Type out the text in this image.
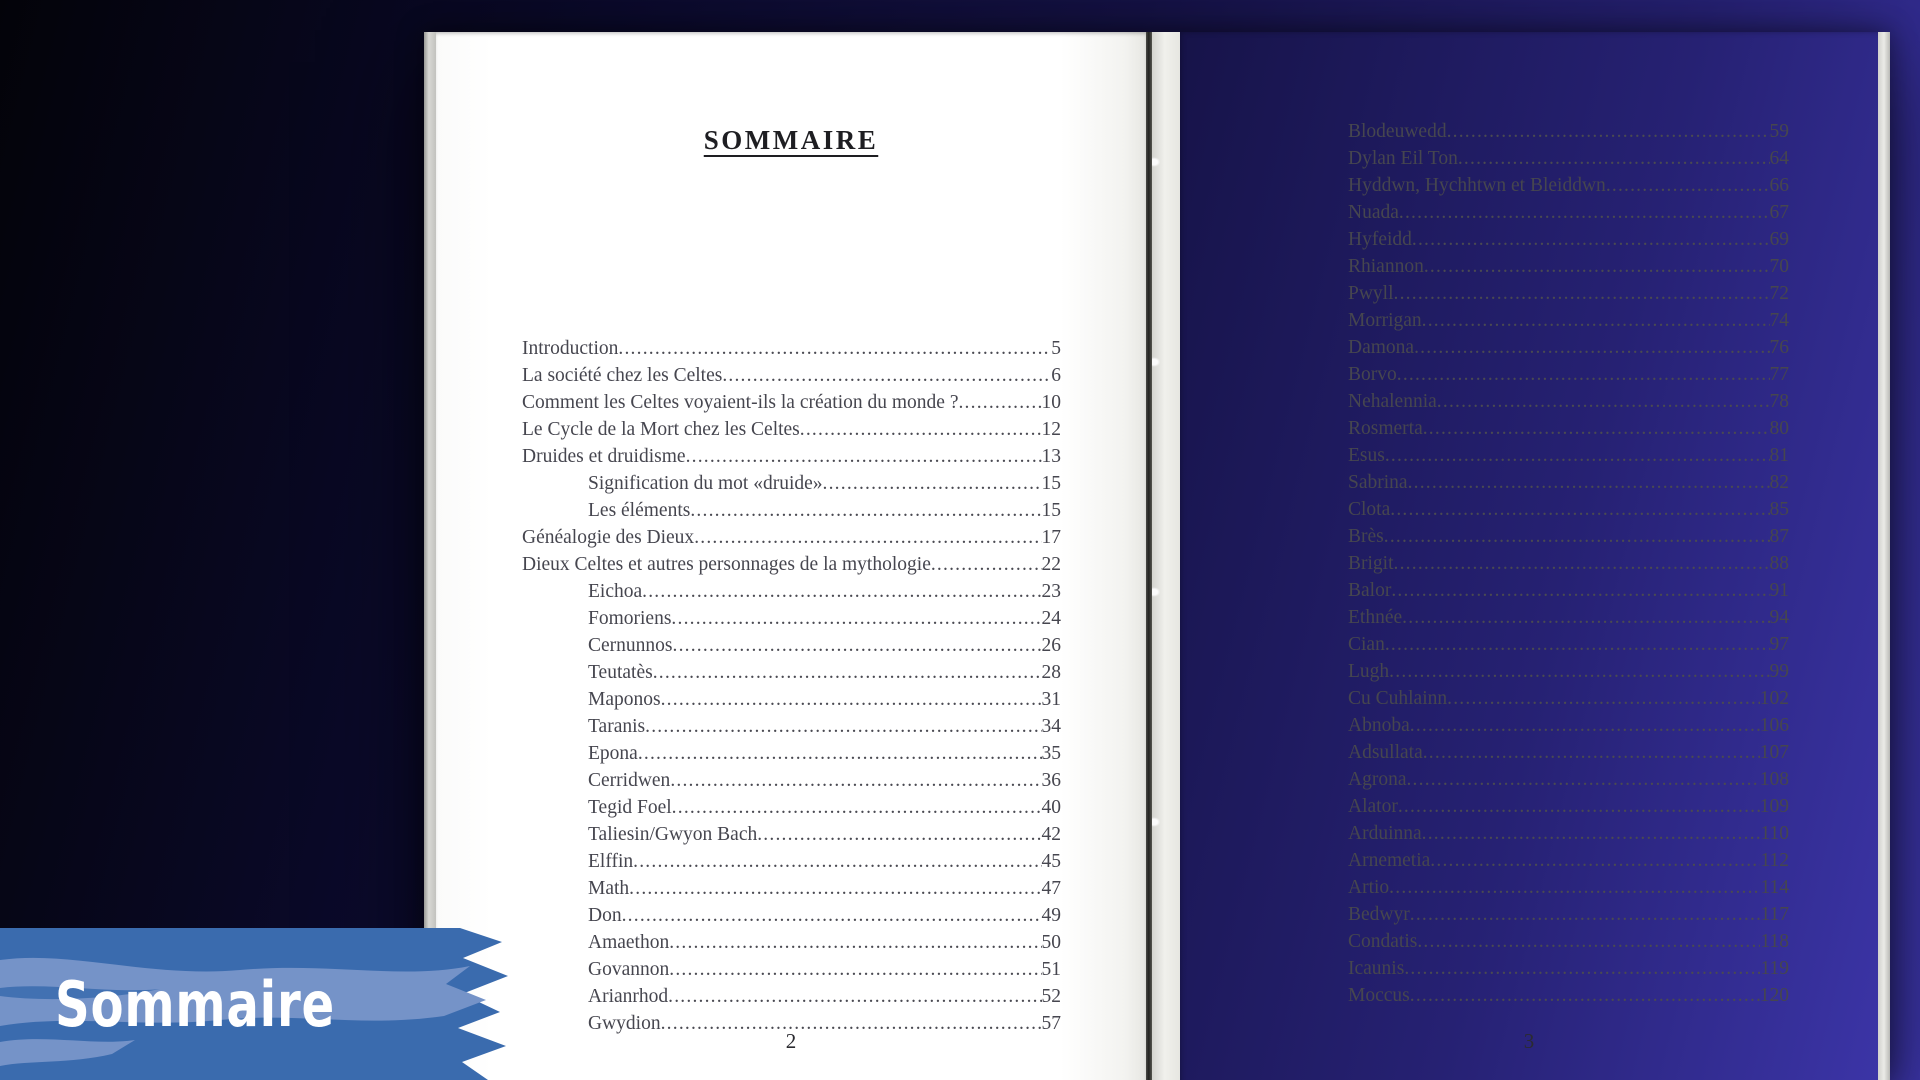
SOMMAIRE
Introduction .....	5
La société chez les Celtes .....	6
Comment les Celtes voyaient-ils la création du monde ? .....	10
Le Cycle de la Mort chez les Celtes .....	12
Druides et druidisme .....	13
Signification du mot «druide» .....	15
Les éléments .....	15
Généalogie des Dieux .....	17
Dieux Celtes et autres personnages de la mythologie .....	22
Eichoa .....	23
Fomoriens .....	24
Cernunnos .....	26
Teutatès .....	28
Maponos .....	31
Taranis .....	34
Epona .....	35
Cerridwen .....	36
Tegid Foel .....	40
Taliesin/Gwyon Bach .....	42
Elffin .....	45
Math .....	47
Don .....	49
Amaethon .....	50
Govannon .....	51
Arianrhod .....	52
Gwydion .....	57
2
Blodeuwedd .....	59
Dylan Eil Ton .....	64
Hyddwn, Hychhtwn et Bleiddwn .....	66
Nuada .....	67
Hyfeidd .....	69
Rhiannon .....	70
Pwyll .....	72
Morrigan .....	74
Damona .....	76
Borvo .....	77
Nehalennia .....	78
Rosmerta .....	80
Esus .....	81
Sabrina .....	82
Clota .....	85
Brès .....	87
Brigit .....	88
Balor .....	91
Ethnée .....	94
Cian .....	97
Lugh .....	99
Cu Cuhlainn .....	102
Abnoba .....	106
Adsullata .....	107
Agrona .....	108
Alator .....	109
Arduinna .....	110
Arnemetia .....	112
Artio .....	114
Bedwyr .....	117
Condatis .....	118
Icaunis .....	119
Moccus .....	120
3
Sommaire
